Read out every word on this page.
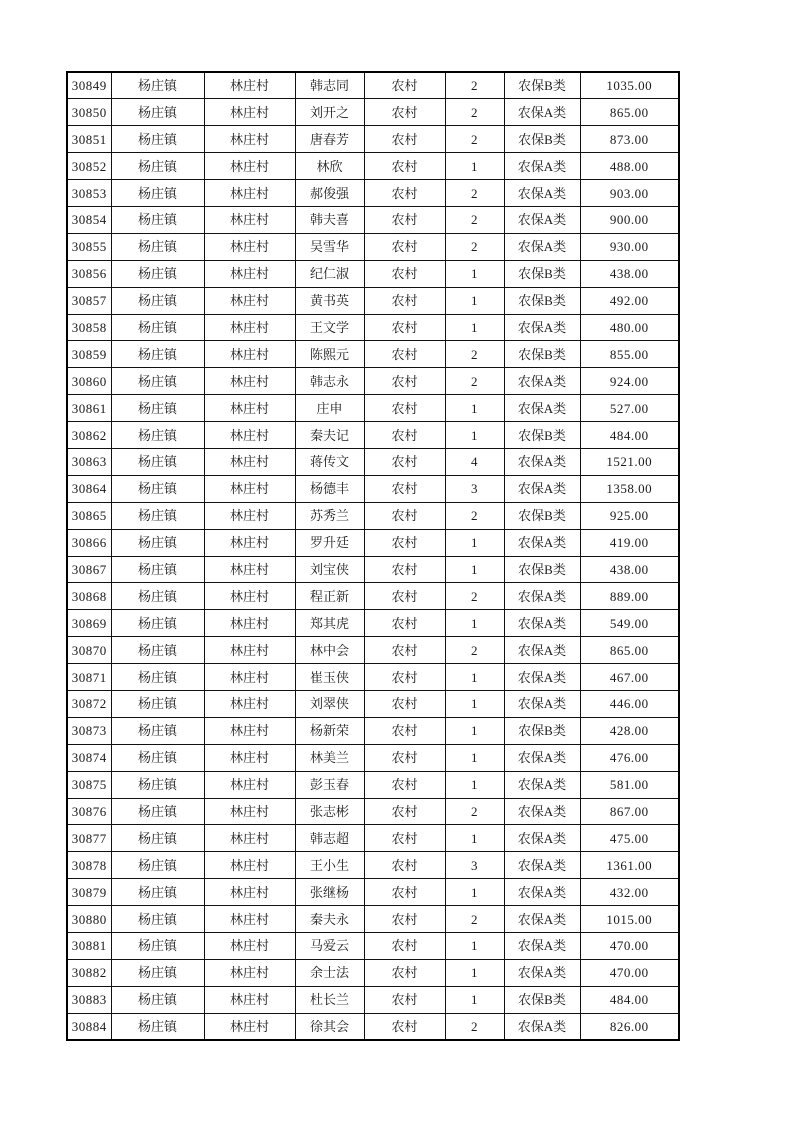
30849	杨庄镇	林庄村	韩志同	农村	2	农保B类	1035.00
30850	杨庄镇	林庄村	刘开之	农村	2	农保A类	865.00
30851	杨庄镇	林庄村	唐春芳	农村	2	农保B类	873.00
30852	杨庄镇	林庄村	林欣	农村	1	农保A类	488.00
30853	杨庄镇	林庄村	郝俊强	农村	2	农保A类	903.00
30854	杨庄镇	林庄村	韩夫喜	农村	2	农保A类	900.00
30855	杨庄镇	林庄村	吴雪华	农村	2	农保A类	930.00
30856	杨庄镇	林庄村	纪仁淑	农村	1	农保B类	438.00
30857	杨庄镇	林庄村	黄书英	农村	1	农保B类	492.00
30858	杨庄镇	林庄村	王文学	农村	1	农保A类	480.00
30859	杨庄镇	林庄村	陈熙元	农村	2	农保B类	855.00
30860	杨庄镇	林庄村	韩志永	农村	2	农保A类	924.00
30861	杨庄镇	林庄村	庄申	农村	1	农保A类	527.00
30862	杨庄镇	林庄村	秦夫记	农村	1	农保B类	484.00
30863	杨庄镇	林庄村	蒋传文	农村	4	农保A类	1521.00
30864	杨庄镇	林庄村	杨德丰	农村	3	农保A类	1358.00
30865	杨庄镇	林庄村	苏秀兰	农村	2	农保B类	925.00
30866	杨庄镇	林庄村	罗升廷	农村	1	农保A类	419.00
30867	杨庄镇	林庄村	刘宝侠	农村	1	农保B类	438.00
30868	杨庄镇	林庄村	程正新	农村	2	农保A类	889.00
30869	杨庄镇	林庄村	郑其虎	农村	1	农保A类	549.00
30870	杨庄镇	林庄村	林中会	农村	2	农保A类	865.00
30871	杨庄镇	林庄村	崔玉侠	农村	1	农保A类	467.00
30872	杨庄镇	林庄村	刘翠侠	农村	1	农保A类	446.00
30873	杨庄镇	林庄村	杨新荣	农村	1	农保B类	428.00
30874	杨庄镇	林庄村	林美兰	农村	1	农保A类	476.00
30875	杨庄镇	林庄村	彭玉春	农村	1	农保A类	581.00
30876	杨庄镇	林庄村	张志彬	农村	2	农保A类	867.00
30877	杨庄镇	林庄村	韩志超	农村	1	农保A类	475.00
30878	杨庄镇	林庄村	王小生	农村	3	农保A类	1361.00
30879	杨庄镇	林庄村	张继杨	农村	1	农保A类	432.00
30880	杨庄镇	林庄村	秦夫永	农村	2	农保A类	1015.00
30881	杨庄镇	林庄村	马爱云	农村	1	农保A类	470.00
30882	杨庄镇	林庄村	余士法	农村	1	农保A类	470.00
30883	杨庄镇	林庄村	杜长兰	农村	1	农保B类	484.00
30884	杨庄镇	林庄村	徐其会	农村	2	农保A类	826.00
